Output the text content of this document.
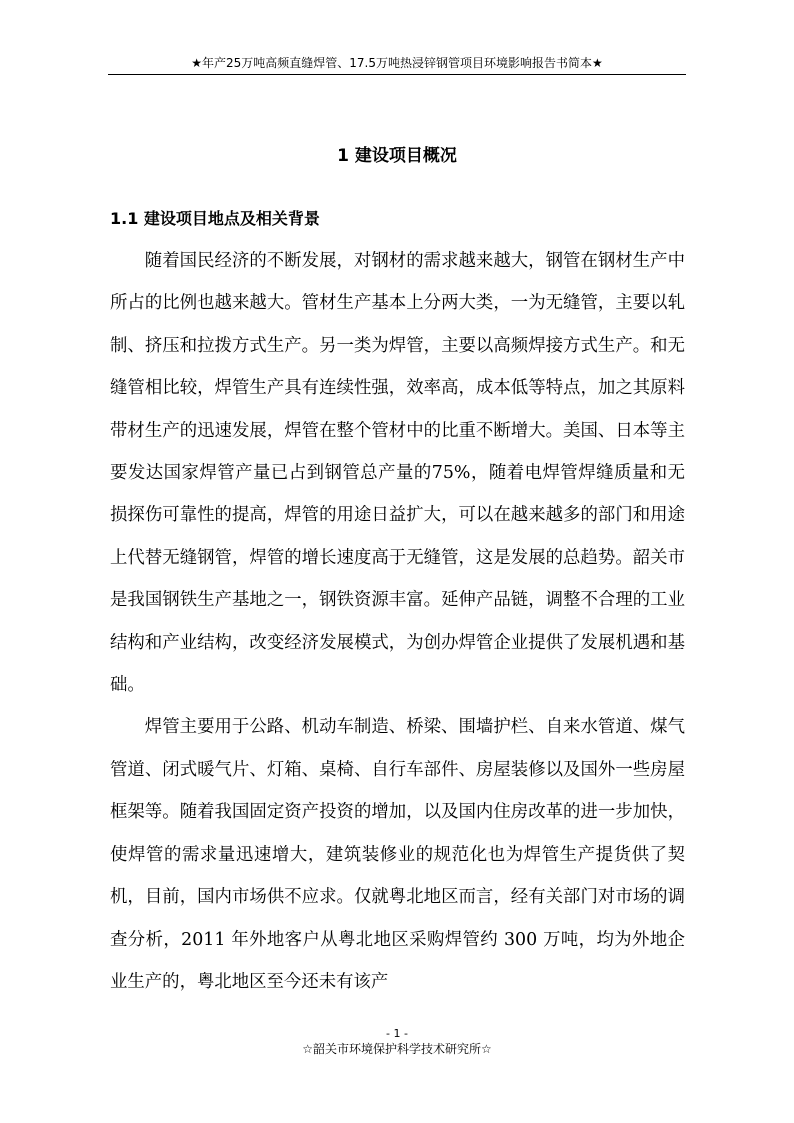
★年产25万吨高频直缝焊管、17.5万吨热浸锌钢管项目环境影响报告书简本★
1 建设项目概况
1.1 建设项目地点及相关背景

随着国民经济的不断发展，对钢材的需求越来越大，钢管在钢材生产中所占的比例也越来越大。管材生产基本上分两大类，一为无缝管，主要以轧制、挤压和拉拨方式生产。另一类为焊管，主要以高频焊接方式生产。和无缝管相比较，焊管生产具有连续性强，效率高，成本低等特点，加之其原料带材生产的迅速发展，焊管在整个管材中的比重不断增大。美国、日本等主要发达国家焊管产量已占到钢管总产量的75%，随着电焊管焊缝质量和无损探伤可靠性的提高，焊管的用途日益扩大，可以在越来越多的部门和用途上代替无缝钢管，焊管的增长速度高于无缝管，这是发展的总趋势。韶关市是我国钢铁生产基地之一，钢铁资源丰富。延伸产品链，调整不合理的工业结构和产业结构，改变经济发展模式，为创办焊管企业提供了发展机遇和基础。

焊管主要用于公路、机动车制造、桥梁、围墙护栏、自来水管道、煤气管道、闭式暖气片、灯箱、桌椅、自行车部件、房屋装修以及国外一些房屋框架等。随着我国固定资产投资的增加，以及国内住房改革的进一步加快，使焊管的需求量迅速增大，建筑装修业的规范化也为焊管生产提货供了契机，目前，国内市场供不应求。仅就粤北地区而言，经有关部门对市场的调查分析，2011 年外地客户从粤北地区采购焊管约 300 万吨，均为外地企业生产的，粤北地区至今还未有该产

- 1 -
☆韶关市环境保护科学技术研究所☆
